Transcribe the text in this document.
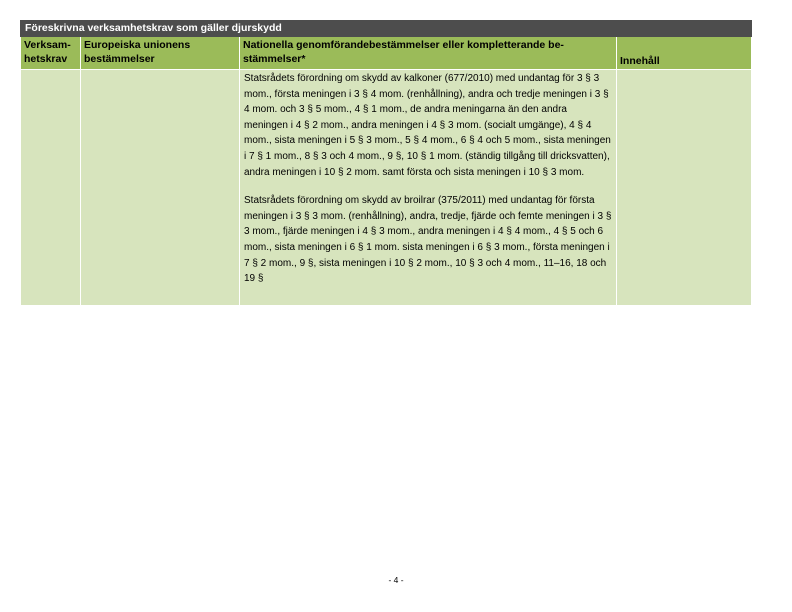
Föreskrivna verksamhetskrav som gäller djurskydd			
Verksam-hetskrav	Europeiska unionens bestämmelser	Nationella genomförandebestämmelser eller kompletterande be-stämmelser*	Innehåll

		Statsrådets förordning om skydd av kalkoner (677/2010) med undantag för 3 § 3 mom., första meningen i 3 § 4 mom. (renhållning), andra och tredje meningen i 3 § 4 mom. och 3 § 5 mom., 4 § 1 mom., de andra meningarna än den andra meningen i 4 § 2 mom., andra meningen i 4 § 3 mom. (socialt umgänge), 4 § 4 mom., sista meningen i 5 § 3 mom., 5 § 4 mom., 6 § 4 och 5 mom., sista meningen i 7 § 1 mom., 8 § 3 och 4 mom., 9 §, 10 § 1 mom. (ständig tillgång till dricksvatten), andra meningen i 10 § 2 mom. samt första och sista meningen i 10 § 3 mom.

Statsrådets förordning om skydd av broilrar (375/2011) med undantag för första meningen i 3 § 3 mom. (renhållning), andra, tredje, fjärde och femte meningen i 3 § 3 mom., fjärde meningen i 4 § 3 mom., andra meningen i 4 § 4 mom., 4 § 5 och 6 mom., sista meningen i 6 § 1 mom. sista meningen i 6 § 3 mom., första meningen i 7 § 2 mom., 9 §, sista meningen i 10 § 2 mom., 10 § 3 och 4 mom., 11–16, 18 och 19 §	

- 4 -
